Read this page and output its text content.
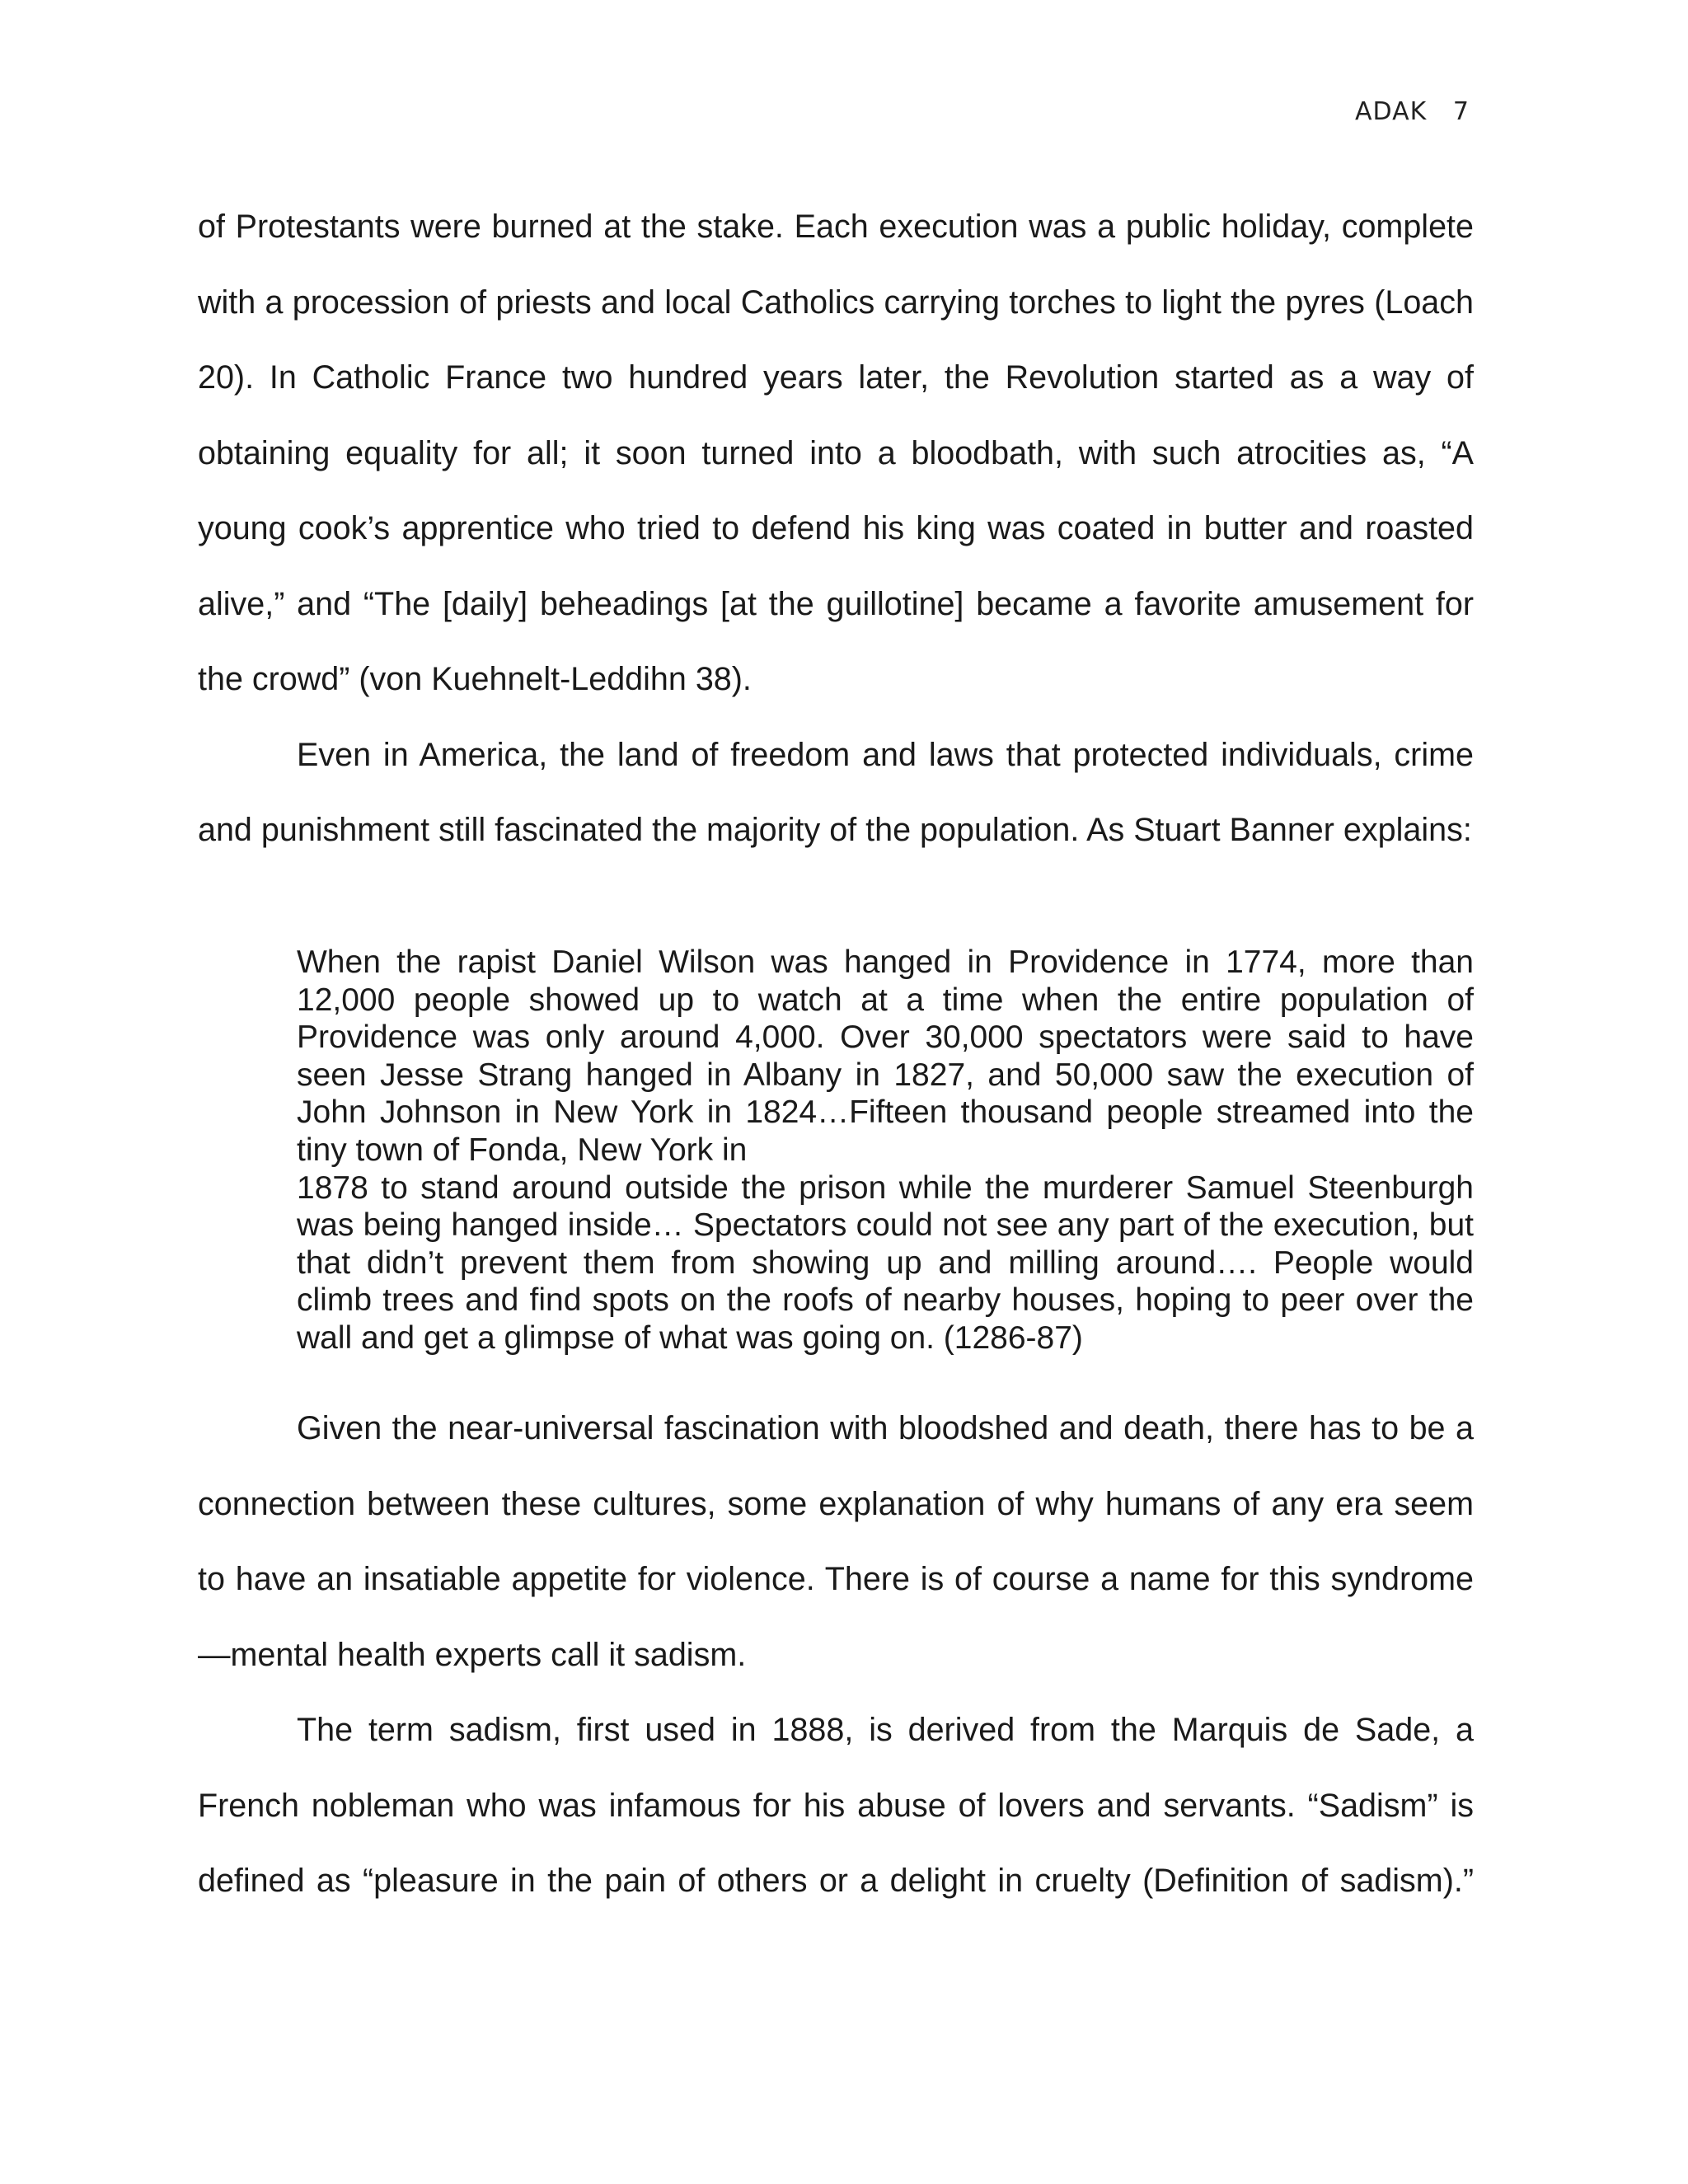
ADAK   7

of Protestants were burned at the stake. Each execution was a public holiday, complete with a procession of priests and local Catholics carrying torches to light the pyres (Loach 20). In Catholic France two hundred years later, the Revolution started as a way of obtaining equality for all; it soon turned into a bloodbath, with such atrocities as, “A young cook’s apprentice who tried to defend his king was coated in butter and roasted alive,” and “The [daily] beheadings [at the guillotine] became a favorite amusement for the crowd” (von Kuehnelt-Leddihn 38).

Even in America, the land of freedom and laws that protected individuals, crime and punishment still fascinated the majority of the population. As Stuart Banner explains:

When the rapist Daniel Wilson was hanged in Providence in 1774, more than 12,000 people showed up to watch at a time when the entire population of Providence was only around 4,000. Over 30,000 spectators were said to have seen Jesse Strang hanged in Albany in 1827, and 50,000 saw the execution of John Johnson in New York in 1824…Fifteen thousand people streamed into the tiny town of Fonda, New York in
1878 to stand around outside the prison while the murderer Samuel Steenburgh was being hanged inside… Spectators could not see any part of the execution, but that didn’t prevent them from showing up and milling around…. People would climb trees and find spots on the roofs of nearby houses, hoping to peer over the wall and get a glimpse of what was going on. (1286-87)

Given the near-universal fascination with bloodshed and death, there has to be a connection between these cultures, some explanation of why humans of any era seem to have an insatiable appetite for violence. There is of course a name for this syndrome—mental health experts call it sadism.

The term sadism, first used in 1888, is derived from the Marquis de Sade, a French nobleman who was infamous for his abuse of lovers and servants. “Sadism” is defined as “pleasure in the pain of others or a delight in cruelty (Definition of sadism).”
